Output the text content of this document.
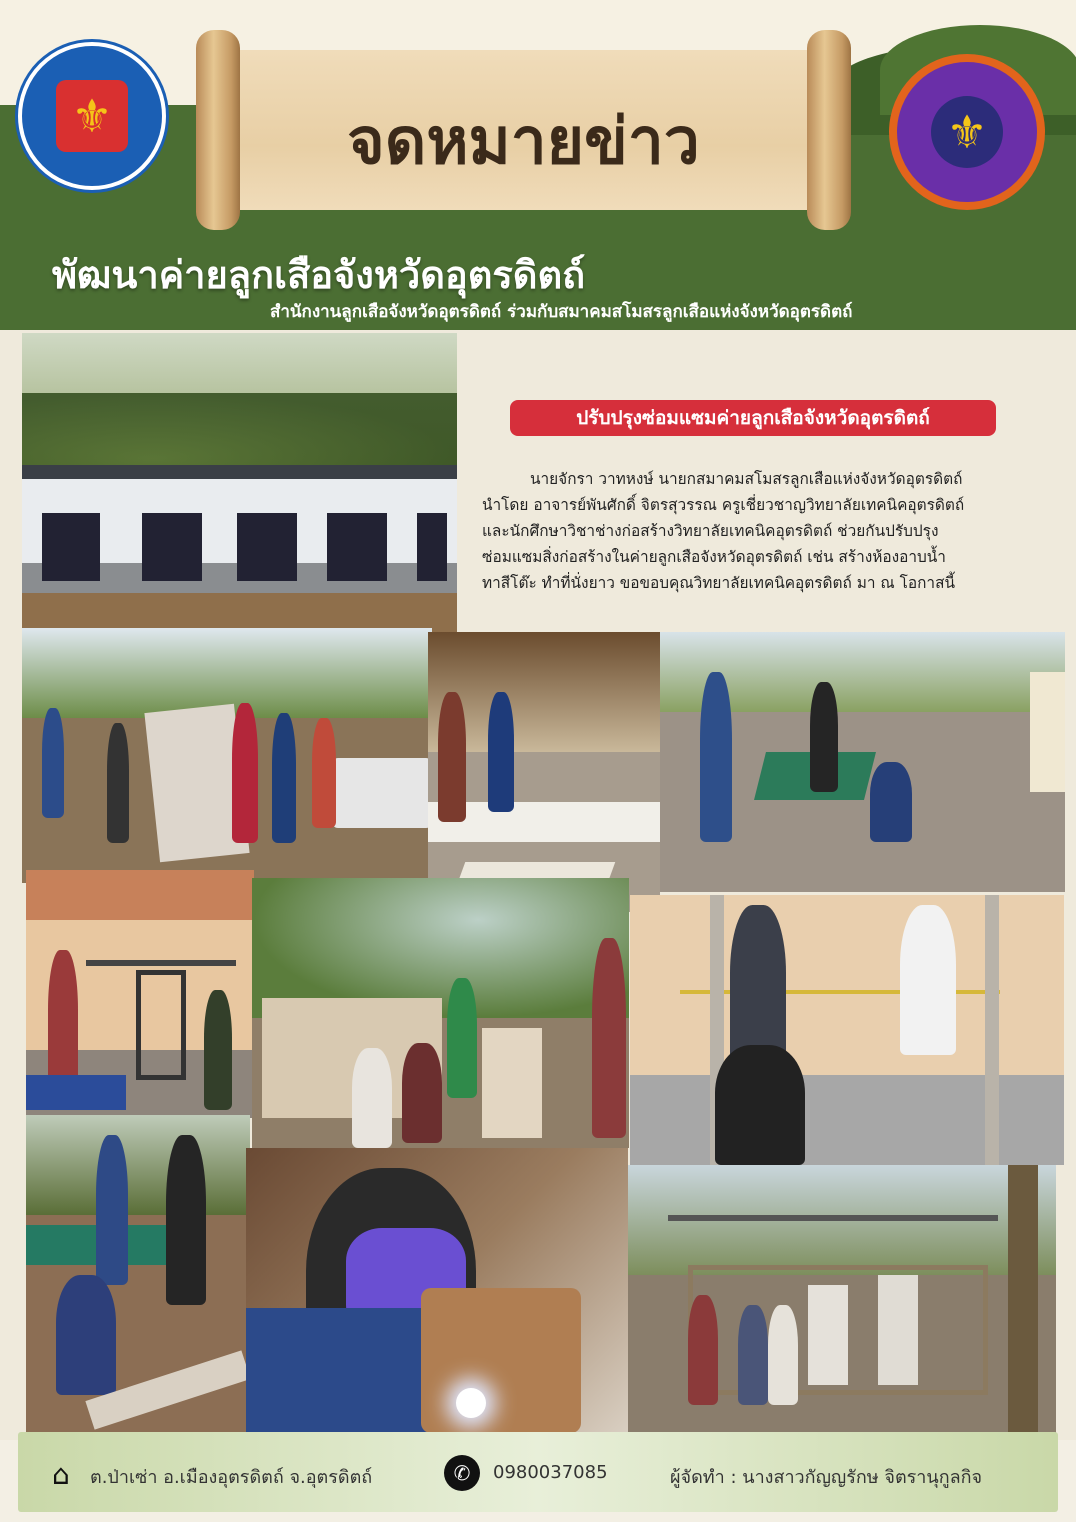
⚜	⚜
จดหมายข่าว
พัฒนาค่ายลูกเสือจังหวัดอุตรดิตถ์
สำนักงานลูกเสือจังหวัดอุตรดิตถ์ ร่วมกับสมาคมสโมสรลูกเสือแห่งจังหวัดอุตรดิตถ์
ปรับปรุงซ่อมแซมค่ายลูกเสือจังหวัดอุตรดิตถ์
นายจักรา วาทหงษ์ นายกสมาคมสโมสรลูกเสือแห่งจังหวัดอุตรดิตถ์
นำโดย อาจารย์พันศักดิ์ จิตรสุวรรณ ครูเชี่ยวชาญวิทยาลัยเทคนิคอุตรดิตถ์
และนักศึกษาวิชาช่างก่อสร้างวิทยาลัยเทคนิคอุตรดิตถ์ ช่วยกันปรับปรุง
ซ่อมแซมสิ่งก่อสร้างในค่ายลูกเสือจังหวัดอุตรดิตถ์ เช่น สร้างห้องอาบน้ำ
ทาสีโต๊ะ ทำที่นั่งยาว ขอขอบคุณวิทยาลัยเทคนิคอุตรดิตถ์ มา ณ โอกาสนี้
⌂ ต.ป่าเซ่า อ.เมืองอุตรดิตถ์ จ.อุตรดิตถ์	✆	0980037085	ผู้จัดทำ : นางสาวกัญญรักษ จิตรานุกูลกิจ
